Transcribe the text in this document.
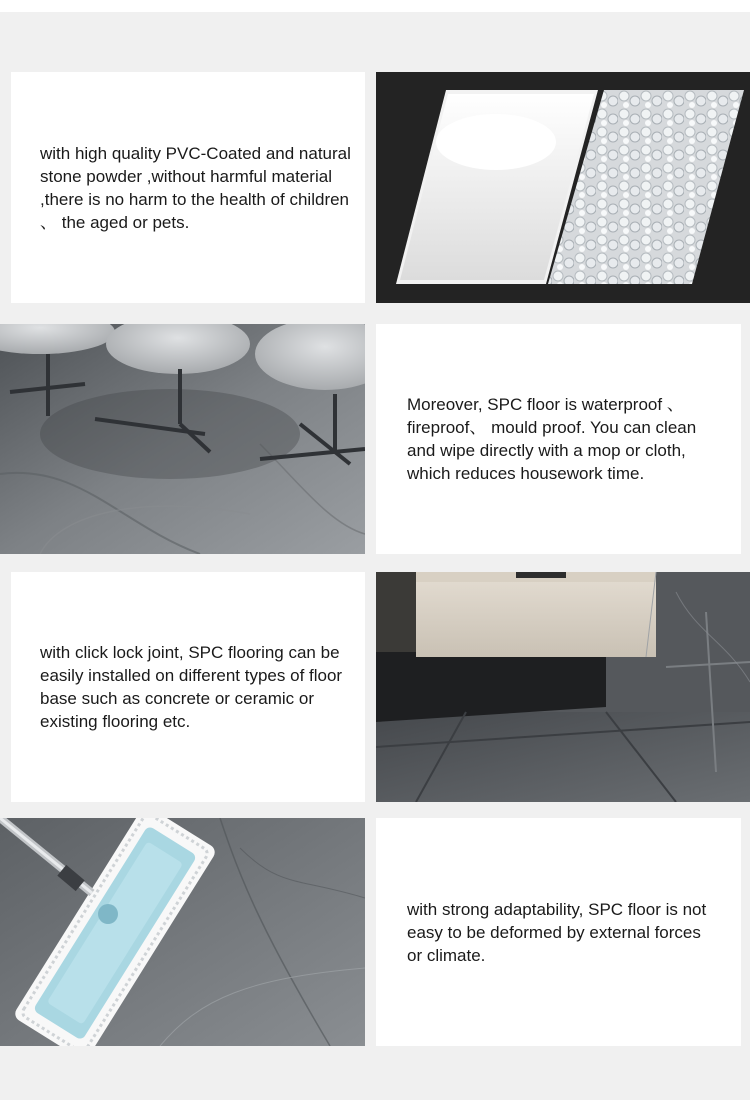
with high quality PVC-Coated and natural stone powder ,without harmful material ,there is no harm to the health of children 、 the aged or pets.

Moreover, SPC floor is waterproof 、fireproof、 mould proof. You can clean and wipe directly with a mop or cloth, which reduces housework time.

with click lock joint, SPC flooring can be easily installed on different types of floor base such as concrete or ceramic or existing flooring etc.

with strong adaptability, SPC floor is not easy to be deformed by external forces or climate.
